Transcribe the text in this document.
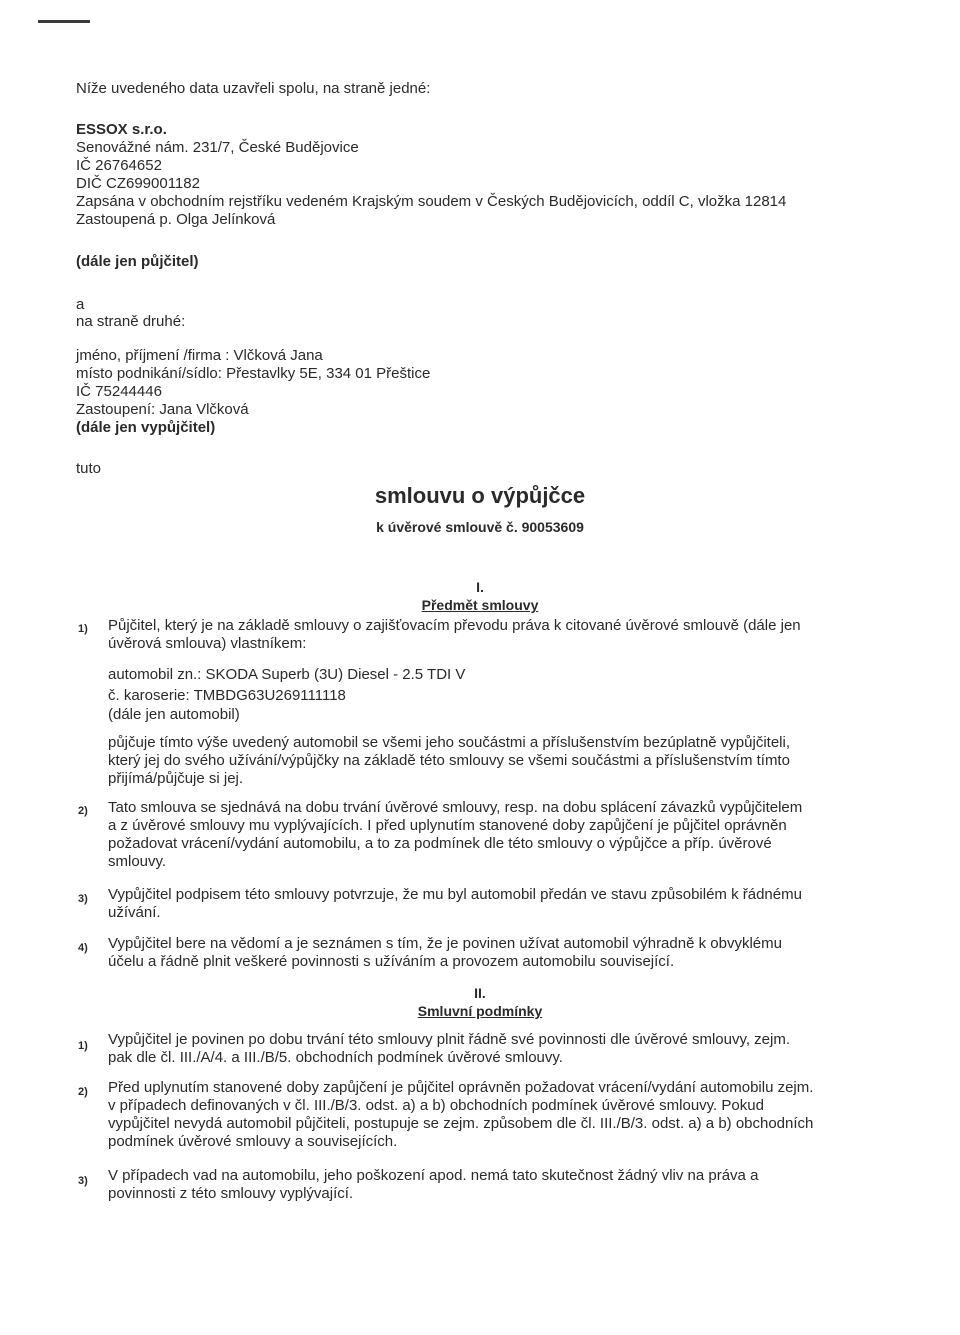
Níže uvedeného data uzavřeli spolu, na straně jedné:
ESSOX s.r.o.
Senovážné nám. 231/7, České Budějovice
IČ 26764652
DIČ CZ699001182
Zapsána v obchodním rejstříku vedeném Krajským soudem v Českých Budějovicích, oddíl C, vložka 12814
Zastoupená p. Olga Jelínková
(dále jen půjčitel)
a
na straně druhé:
jméno, příjmení /firma : Vlčková Jana
místo podnikání/sídlo: Přestavlky 5E, 334 01 Přeštice
IČ 75244446
Zastoupení: Jana Vlčková
(dále jen vypůjčitel)
tuto
smlouvu o výpůjčce
k úvěrové smlouvě č. 90053609
I.
Předmět smlouvy
1) Půjčitel, který je na základě smlouvy o zajišťovacím převodu práva k citované úvěrové smlouvě (dále jen
úvěrová smlouva) vlastníkem:
automobil zn.: SKODA Superb (3U) Diesel - 2.5 TDI V
č. karoserie: TMBDG63U269111118
(dále jen automobil)
půjčuje tímto výše uvedený automobil se všemi jeho součástmi a příslušenstvím bezúplatně vypůjčiteli,
který jej do svého užívání/výpůjčky na základě této smlouvy se všemi součástmi a příslušenstvím tímto
přijímá/půjčuje si jej.
2) Tato smlouva se sjednává na dobu trvání úvěrové smlouvy, resp. na dobu splácení závazků vypůjčitelem
a z úvěrové smlouvy mu vyplývajících. I před uplynutím stanovené doby zapůjčení je půjčitel oprávněn
požadovat vrácení/vydání automobilu, a to za podmínek dle této smlouvy o výpůjčce a příp. úvěrové
smlouvy.
3) Vypůjčitel podpisem této smlouvy potvrzuje, že mu byl automobil předán ve stavu způsobilém k řádnému
užívání.
4) Vypůjčitel bere na vědomí a je seznámen s tím, že je povinen užívat automobil výhradně k obvyklému
účelu a řádně plnit veškeré povinnosti s užíváním a provozem automobilu související.
II.
Smluvní podmínky
1) Vypůjčitel je povinen po dobu trvání této smlouvy plnit řádně své povinnosti dle úvěrové smlouvy, zejm.
pak dle čl. III./A/4. a III./B/5. obchodních podmínek úvěrové smlouvy.
2) Před uplynutím stanovené doby zapůjčení je půjčitel oprávněn požadovat vrácení/vydání automobilu zejm.
v případech definovaných v čl. III./B/3. odst. a) a b) obchodních podmínek úvěrové smlouvy. Pokud
vypůjčitel nevydá automobil půjčiteli, postupuje se zejm. způsobem dle čl. III./B/3. odst. a) a b) obchodních
podmínek úvěrové smlouvy a souvisejících.
3) V případech vad na automobilu, jeho poškození apod. nemá tato skutečnost žádný vliv na práva a
povinnosti z této smlouvy vyplývající.
